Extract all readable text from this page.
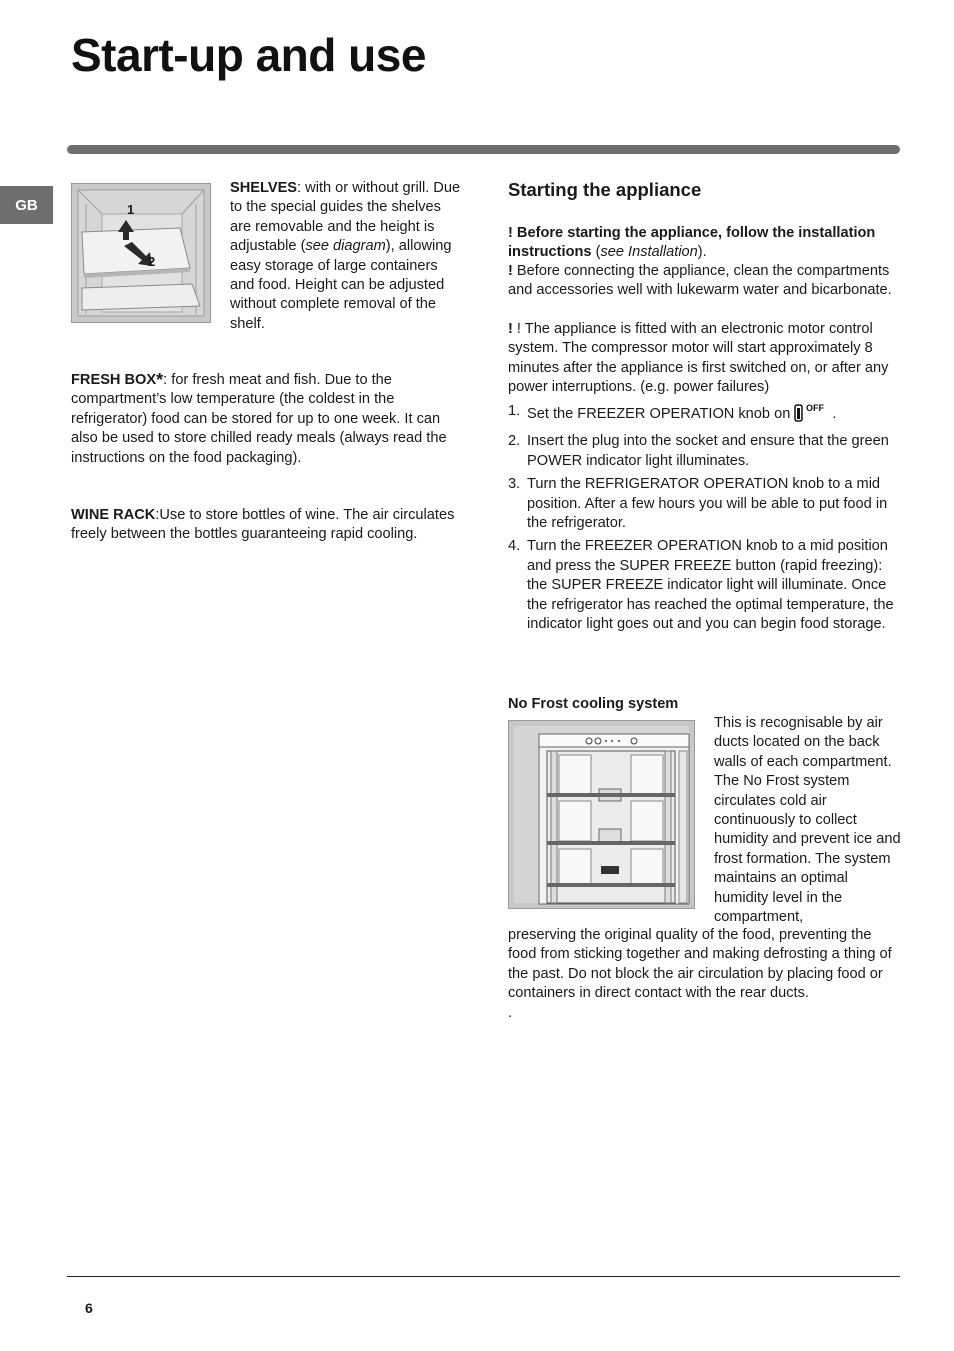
Start-up and use
GB	1
2

SHELVES: with or without grill. Due to the special guides the shelves are removable and the height is adjustable (see diagram), allowing easy storage of large containers and food. Height can be adjusted without complete removal of the shelf.

FRESH BOX*: for fresh meat and fish. Due to the compartment’s low temperature (the coldest in the refrigerator) food can be stored for up to one week. It can also be used to store chilled ready meals (always read the instructions on the food packaging).

WINE RACK:Use to store bottles of wine. The air circulates freely between the bottles guaranteeing rapid cooling.

Starting the appliance

! Before starting the appliance, follow the installation instructions (see Installation).

! Before connecting the appliance, clean the compartments and accessories well with lukewarm water and bicarbonate.

! ! The appliance is fitted with an electronic motor control system. The compressor motor will start approximately 8 minutes after the appliance is first switched on, or after any power interruptions. (e.g. power failures)

1. Set the FREEZER OPERATION knob on OFF .
2. Insert the plug into the socket and ensure that the green POWER indicator light illuminates.
3. Turn the REFRIGERATOR OPERATION knob to a mid position. After a few hours you will be able to put food in the refrigerator.
4. Turn the FREEZER OPERATION knob to a mid position and press the SUPER FREEZE button (rapid freezing): the SUPER FREEZE indicator light will illuminate. Once the refrigerator has reached the optimal temperature, the indicator light goes out and you can begin food storage.
No Frost cooling system

This is recognisable by air ducts located on the back walls of each compartment. The No Frost system circulates cold air continuously to collect humidity and prevent ice and frost formation. The system maintains an optimal humidity level in the compartment,

preserving the original quality of the food, preventing the food from sticking together and making defrosting a thing of the past. Do not block the air circulation by placing food or containers in direct contact with the rear ducts.

.

6
